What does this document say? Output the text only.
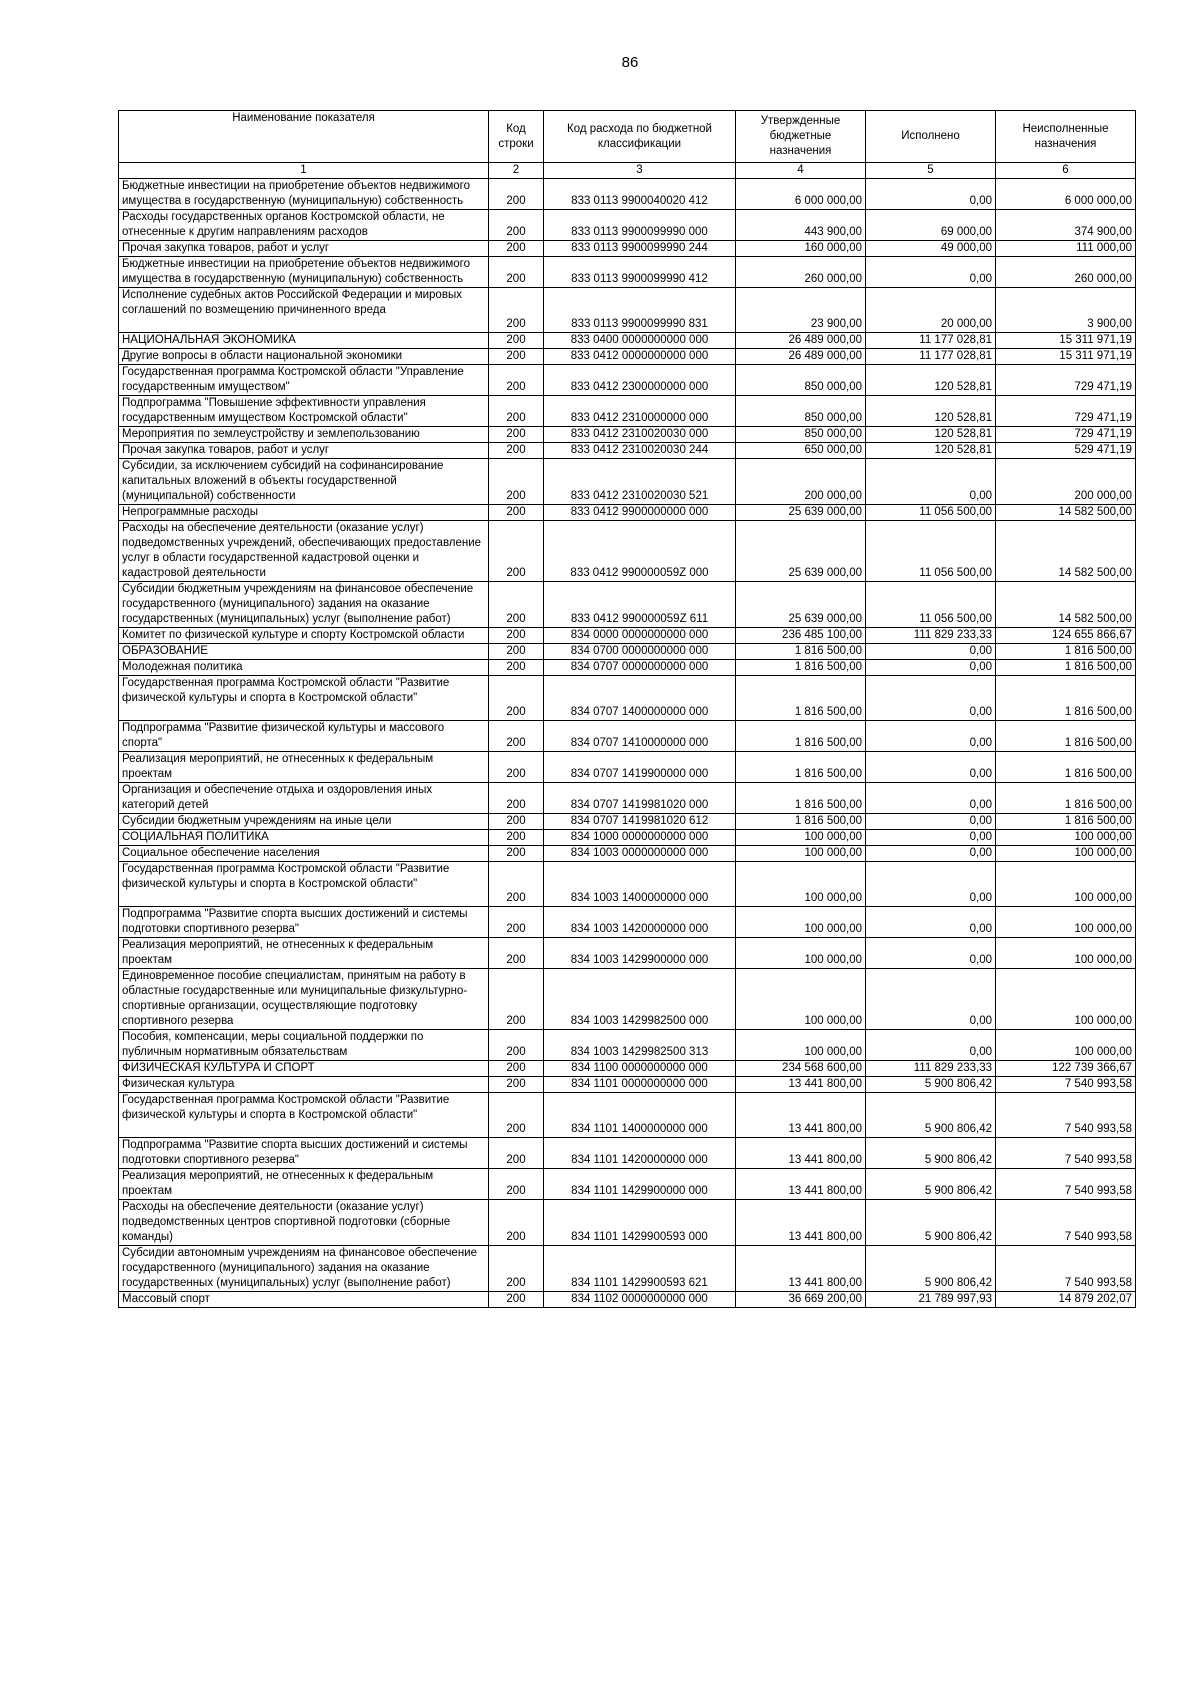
86
Наименование показателя	Код строки	Код расхода по бюджетной классификации	Утвержденные бюджетные назначения	Исполнено	Неисполненные назначения
1	2	3	4	5	6
Бюджетные инвестиции на приобретение объектов недвижимого имущества в государственную (муниципальную) собственность	200	833 0113 9900040020 412	6 000 000,00	0,00	6 000 000,00
Расходы государственных органов Костромской области, не отнесенные к другим направлениям расходов	200	833 0113 9900099990 000	443 900,00	69 000,00	374 900,00
Прочая закупка товаров, работ и услуг	200	833 0113 9900099990 244	160 000,00	49 000,00	111 000,00
Бюджетные инвестиции на приобретение объектов недвижимого имущества в государственную (муниципальную) собственность	200	833 0113 9900099990 412	260 000,00	0,00	260 000,00
Исполнение судебных актов Российской Федерации и мировых соглашений по возмещению причиненного вреда	200	833 0113 9900099990 831	23 900,00	20 000,00	3 900,00
НАЦИОНАЛЬНАЯ ЭКОНОМИКА	200	833 0400 0000000000 000	26 489 000,00	11 177 028,81	15 311 971,19
Другие вопросы в области национальной экономики	200	833 0412 0000000000 000	26 489 000,00	11 177 028,81	15 311 971,19
Государственная программа Костромской области "Управление государственным имуществом"	200	833 0412 2300000000 000	850 000,00	120 528,81	729 471,19
Подпрограмма "Повышение эффективности управления государственным имуществом Костромской области"	200	833 0412 2310000000 000	850 000,00	120 528,81	729 471,19
Мероприятия по землеустройству и землепользованию	200	833 0412 2310020030 000	850 000,00	120 528,81	729 471,19
Прочая закупка товаров, работ и услуг	200	833 0412 2310020030 244	650 000,00	120 528,81	529 471,19
Субсидии, за исключением субсидий на софинансирование капитальных вложений в объекты государственной (муниципальной) собственности	200	833 0412 2310020030 521	200 000,00	0,00	200 000,00
Непрограммные расходы	200	833 0412 9900000000 000	25 639 000,00	11 056 500,00	14 582 500,00
Расходы на обеспечение деятельности (оказание услуг) подведомственных учреждений, обеспечивающих предоставление услуг в области государственной кадастровой оценки и кадастровой деятельности	200	833 0412 990000059Z 000	25 639 000,00	11 056 500,00	14 582 500,00
Субсидии бюджетным учреждениям на финансовое обеспечение государственного (муниципального) задания на оказание государственных (муниципальных) услуг (выполнение работ)	200	833 0412 990000059Z 611	25 639 000,00	11 056 500,00	14 582 500,00
Комитет по физической культуре и спорту Костромской области	200	834 0000 0000000000 000	236 485 100,00	111 829 233,33	124 655 866,67
ОБРАЗОВАНИЕ	200	834 0700 0000000000 000	1 816 500,00	0,00	1 816 500,00
Молодежная политика	200	834 0707 0000000000 000	1 816 500,00	0,00	1 816 500,00
Государственная программа Костромской области "Развитие физической культуры и спорта в Костромской области"	200	834 0707 1400000000 000	1 816 500,00	0,00	1 816 500,00
Подпрограмма "Развитие физической культуры и массового спорта"	200	834 0707 1410000000 000	1 816 500,00	0,00	1 816 500,00
Реализация мероприятий, не отнесенных к федеральным проектам	200	834 0707 1419900000 000	1 816 500,00	0,00	1 816 500,00
Организация и обеспечение отдыха и оздоровления иных категорий детей	200	834 0707 1419981020 000	1 816 500,00	0,00	1 816 500,00
Субсидии бюджетным учреждениям на иные цели	200	834 0707 1419981020 612	1 816 500,00	0,00	1 816 500,00
СОЦИАЛЬНАЯ ПОЛИТИКА	200	834 1000 0000000000 000	100 000,00	0,00	100 000,00
Социальное обеспечение населения	200	834 1003 0000000000 000	100 000,00	0,00	100 000,00
Государственная программа Костромской области "Развитие физической культуры и спорта в Костромской области"	200	834 1003 1400000000 000	100 000,00	0,00	100 000,00
Подпрограмма "Развитие спорта высших достижений и системы подготовки спортивного резерва"	200	834 1003 1420000000 000	100 000,00	0,00	100 000,00
Реализация мероприятий, не отнесенных к федеральным проектам	200	834 1003 1429900000 000	100 000,00	0,00	100 000,00
Единовременное пособие специалистам, принятым на работу в областные государственные или муниципальные физкультурно-спортивные организации, осуществляющие подготовку спортивного резерва	200	834 1003 1429982500 000	100 000,00	0,00	100 000,00
Пособия, компенсации, меры социальной поддержки по публичным нормативным обязательствам	200	834 1003 1429982500 313	100 000,00	0,00	100 000,00
ФИЗИЧЕСКАЯ КУЛЬТУРА И СПОРТ	200	834 1100 0000000000 000	234 568 600,00	111 829 233,33	122 739 366,67
Физическая культура	200	834 1101 0000000000 000	13 441 800,00	5 900 806,42	7 540 993,58
Государственная программа Костромской области "Развитие физической культуры и спорта в Костромской области"	200	834 1101 1400000000 000	13 441 800,00	5 900 806,42	7 540 993,58
Подпрограмма "Развитие спорта высших достижений и системы подготовки спортивного резерва"	200	834 1101 1420000000 000	13 441 800,00	5 900 806,42	7 540 993,58
Реализация мероприятий, не отнесенных к федеральным проектам	200	834 1101 1429900000 000	13 441 800,00	5 900 806,42	7 540 993,58
Расходы на обеспечение деятельности (оказание услуг) подведомственных центров спортивной подготовки (сборные команды)	200	834 1101 1429900593 000	13 441 800,00	5 900 806,42	7 540 993,58
Субсидии автономным учреждениям на финансовое обеспечение государственного (муниципального) задания на оказание государственных (муниципальных) услуг (выполнение работ)	200	834 1101 1429900593 621	13 441 800,00	5 900 806,42	7 540 993,58
Массовый спорт	200	834 1102 0000000000 000	36 669 200,00	21 789 997,93	14 879 202,07
